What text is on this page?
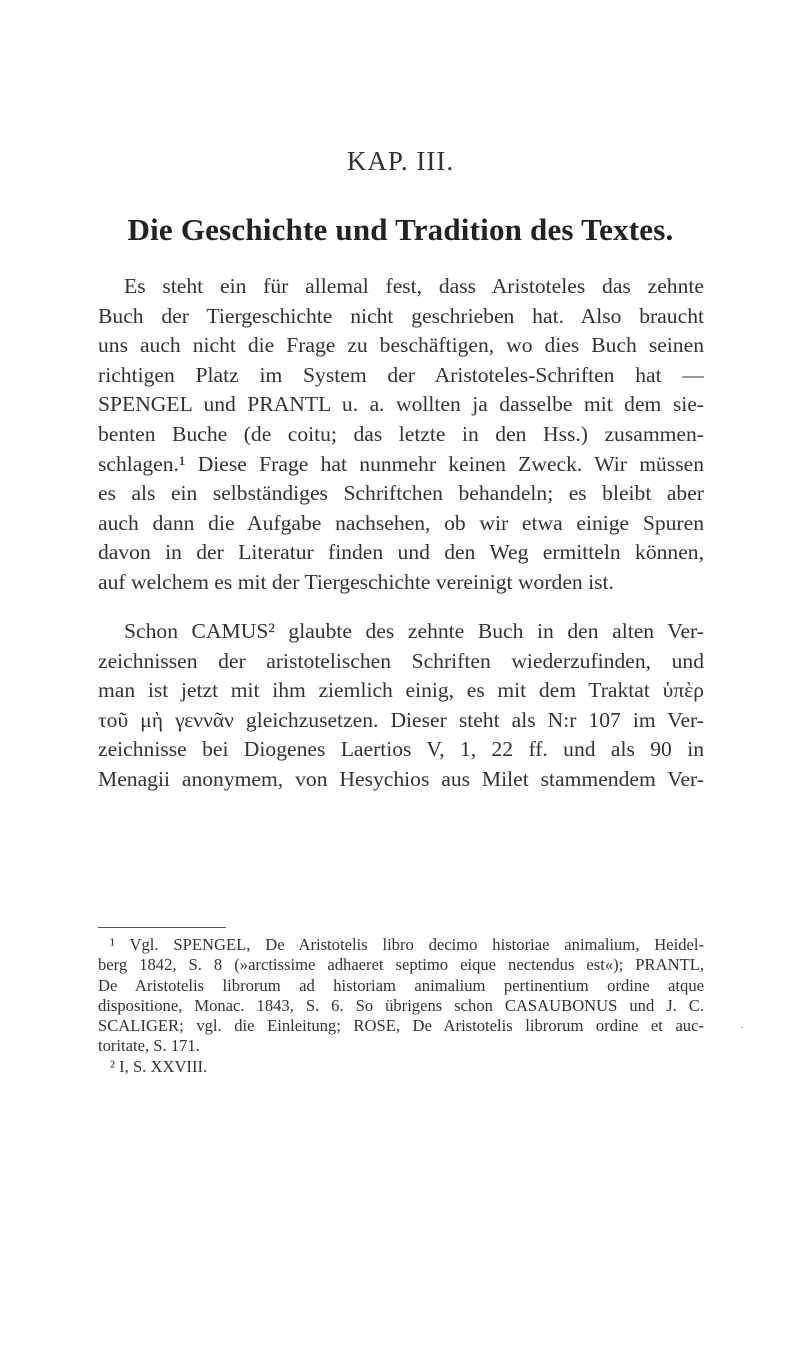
KAP. III.
Die Geschichte und Tradition des Textes.
Es steht ein für allemal fest, dass Aristoteles das zehnte
Buch der Tiergeschichte nicht geschrieben hat. Also braucht
uns auch nicht die Frage zu beschäftigen, wo dies Buch seinen
richtigen Platz im System der Aristoteles-Schriften hat —
SPENGEL und PRANTL u. a. wollten ja dasselbe mit dem sie-
benten Buche (de coitu; das letzte in den Hss.) zusammen-
schlagen.¹ Diese Frage hat nunmehr keinen Zweck. Wir müssen
es als ein selbständiges Schriftchen behandeln; es bleibt aber
auch dann die Aufgabe nachsehen, ob wir etwa einige Spuren
davon in der Literatur finden und den Weg ermitteln können,
auf welchem es mit der Tiergeschichte vereinigt worden ist.
Schon CAMUS² glaubte des zehnte Buch in den alten Ver-
zeichnissen der aristotelischen Schriften wiederzufinden, und
man ist jetzt mit ihm ziemlich einig, es mit dem Traktat ὑπὲρ
τοῦ μὴ γεννᾶν gleichzusetzen. Dieser steht als N:r 107 im Ver-
zeichnisse bei Diogenes Laertios V, 1, 22 ff. und als 90 in
Menagii anonymem, von Hesychios aus Milet stammendem Ver-
¹ Vgl. SPENGEL, De Aristotelis libro decimo historiae animalium, Heidel-
berg 1842, S. 8 (»arctissime adhaeret septimo eique nectendus est«); PRANTL,
De Aristotelis librorum ad historiam animalium pertinentium ordine atque
dispositione, Monac. 1843, S. 6. So übrigens schon CASAUBONUS und J. C.
SCALIGER; vgl. die Einleitung; ROSE, De Aristotelis librorum ordine et auc-
toritate, S. 171.
² I, S. XXVIII.
·
